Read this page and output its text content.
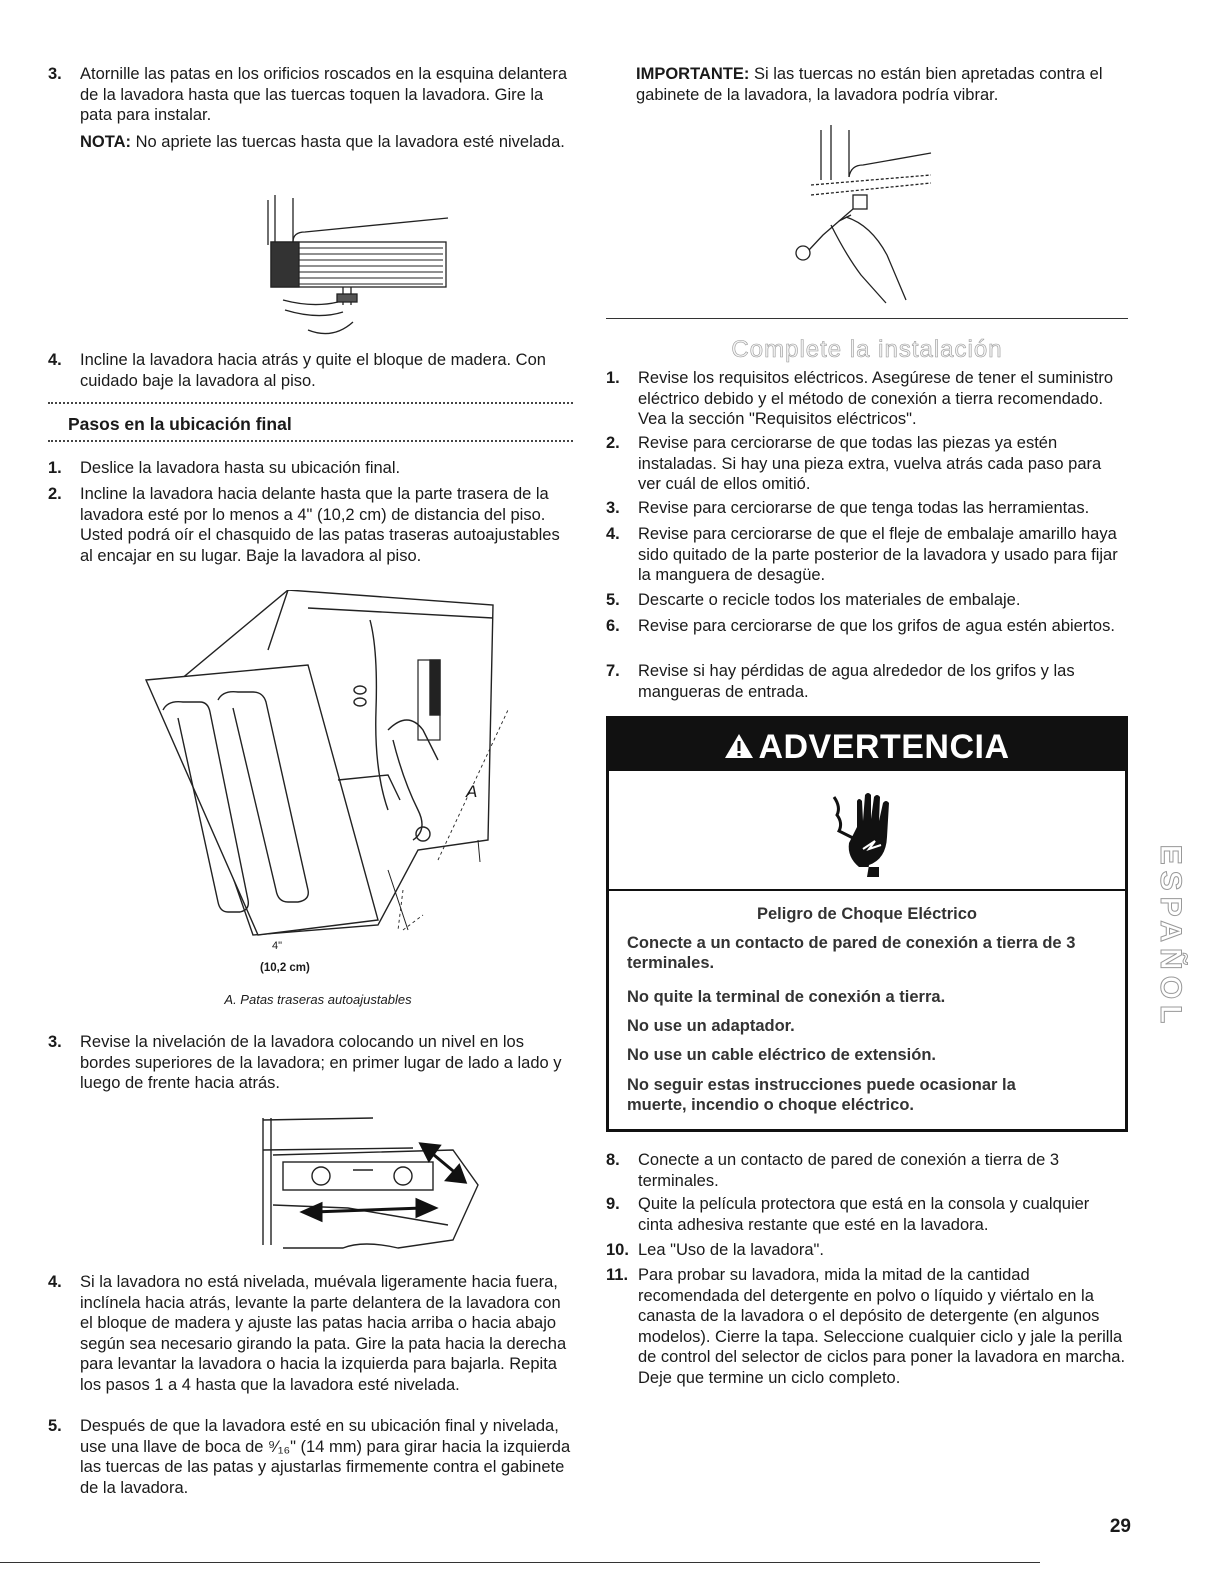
3. Atornille las patas en los orificios roscados en la esquina delantera de la lavadora hasta que las tuercas toquen la lavadora. Gire la pata para instalar.
NOTA: No apriete las tuercas hasta que la lavadora esté nivelada.
4. Incline la lavadora hacia atrás y quite el bloque de madera. Con cuidado baje la lavadora al piso.
Pasos en la ubicación final
1. Deslice la lavadora hasta su ubicación final.
2. Incline la lavadora hacia delante hasta que la parte trasera de la lavadora esté por lo menos a 4" (10,2 cm) de distancia del piso. Usted podrá oír el chasquido de las patas traseras autoajustables al encajar en su lugar. Baje la lavadora al piso.
A
4"
(10,2 cm)
A. Patas traseras autoajustables
3. Revise la nivelación de la lavadora colocando un nivel en los bordes superiores de la lavadora; en primer lugar de lado a lado y luego de frente hacia atrás.
4. Si la lavadora no está nivelada, muévala ligeramente hacia fuera, inclínela hacia atrás, levante la parte delantera de la lavadora con el bloque de madera y ajuste las patas hacia arriba o hacia abajo según sea necesario girando la pata. Gire la pata hacia la derecha para levantar la lavadora o hacia la izquierda para bajarla. Repita los pasos 1 a 4 hasta que la lavadora esté nivelada.
5. Después de que la lavadora esté en su ubicación final y nivelada, use una llave de boca de ⁹⁄₁₆" (14 mm) para girar hacia la izquierda las tuercas de las patas y ajustarlas firmemente contra el gabinete de la lavadora.
IMPORTANTE: Si las tuercas no están bien apretadas contra el gabinete de la lavadora, la lavadora podría vibrar.
Complete la instalación
1. Revise los requisitos eléctricos. Asegúrese de tener el suministro eléctrico debido y el método de conexión a tierra recomendado. Vea la sección "Requisitos eléctricos".
2. Revise para cerciorarse de que todas las piezas ya estén instaladas. Si hay una pieza extra, vuelva atrás cada paso para ver cuál de ellos omitió.
3. Revise para cerciorarse de que tenga todas las herramientas.
4. Revise para cerciorarse de que el fleje de embalaje amarillo haya sido quitado de la parte posterior de la lavadora y usado para fijar la manguera de desagüe.
5. Descarte o recicle todos los materiales de embalaje.
6. Revise para cerciorarse de que los grifos de agua estén abiertos.
7. Revise si hay pérdidas de agua alrededor de los grifos y las mangueras de entrada.
ADVERTENCIA
Peligro de Choque Eléctrico
Conecte a un contacto de pared de conexión a tierra de 3 terminales.
No quite la terminal de conexión a tierra.
No use un adaptador.
No use un cable eléctrico de extensión.
No seguir estas instrucciones puede ocasionar la muerte, incendio o choque eléctrico.
8. Conecte a un contacto de pared de conexión a tierra de 3 terminales.
9. Quite la película protectora que está en la consola y cualquier cinta adhesiva restante que esté en la lavadora.
10. Lea "Uso de la lavadora".
11. Para probar su lavadora, mida la mitad de la cantidad recomendada del detergente en polvo o líquido y viértalo en la canasta de la lavadora o el depósito de detergente (en algunos modelos). Cierre la tapa. Seleccione cualquier ciclo y jale la perilla de control del selector de ciclos para poner la lavadora en marcha. Deje que termine un ciclo completo.
ESPAÑOL
29
